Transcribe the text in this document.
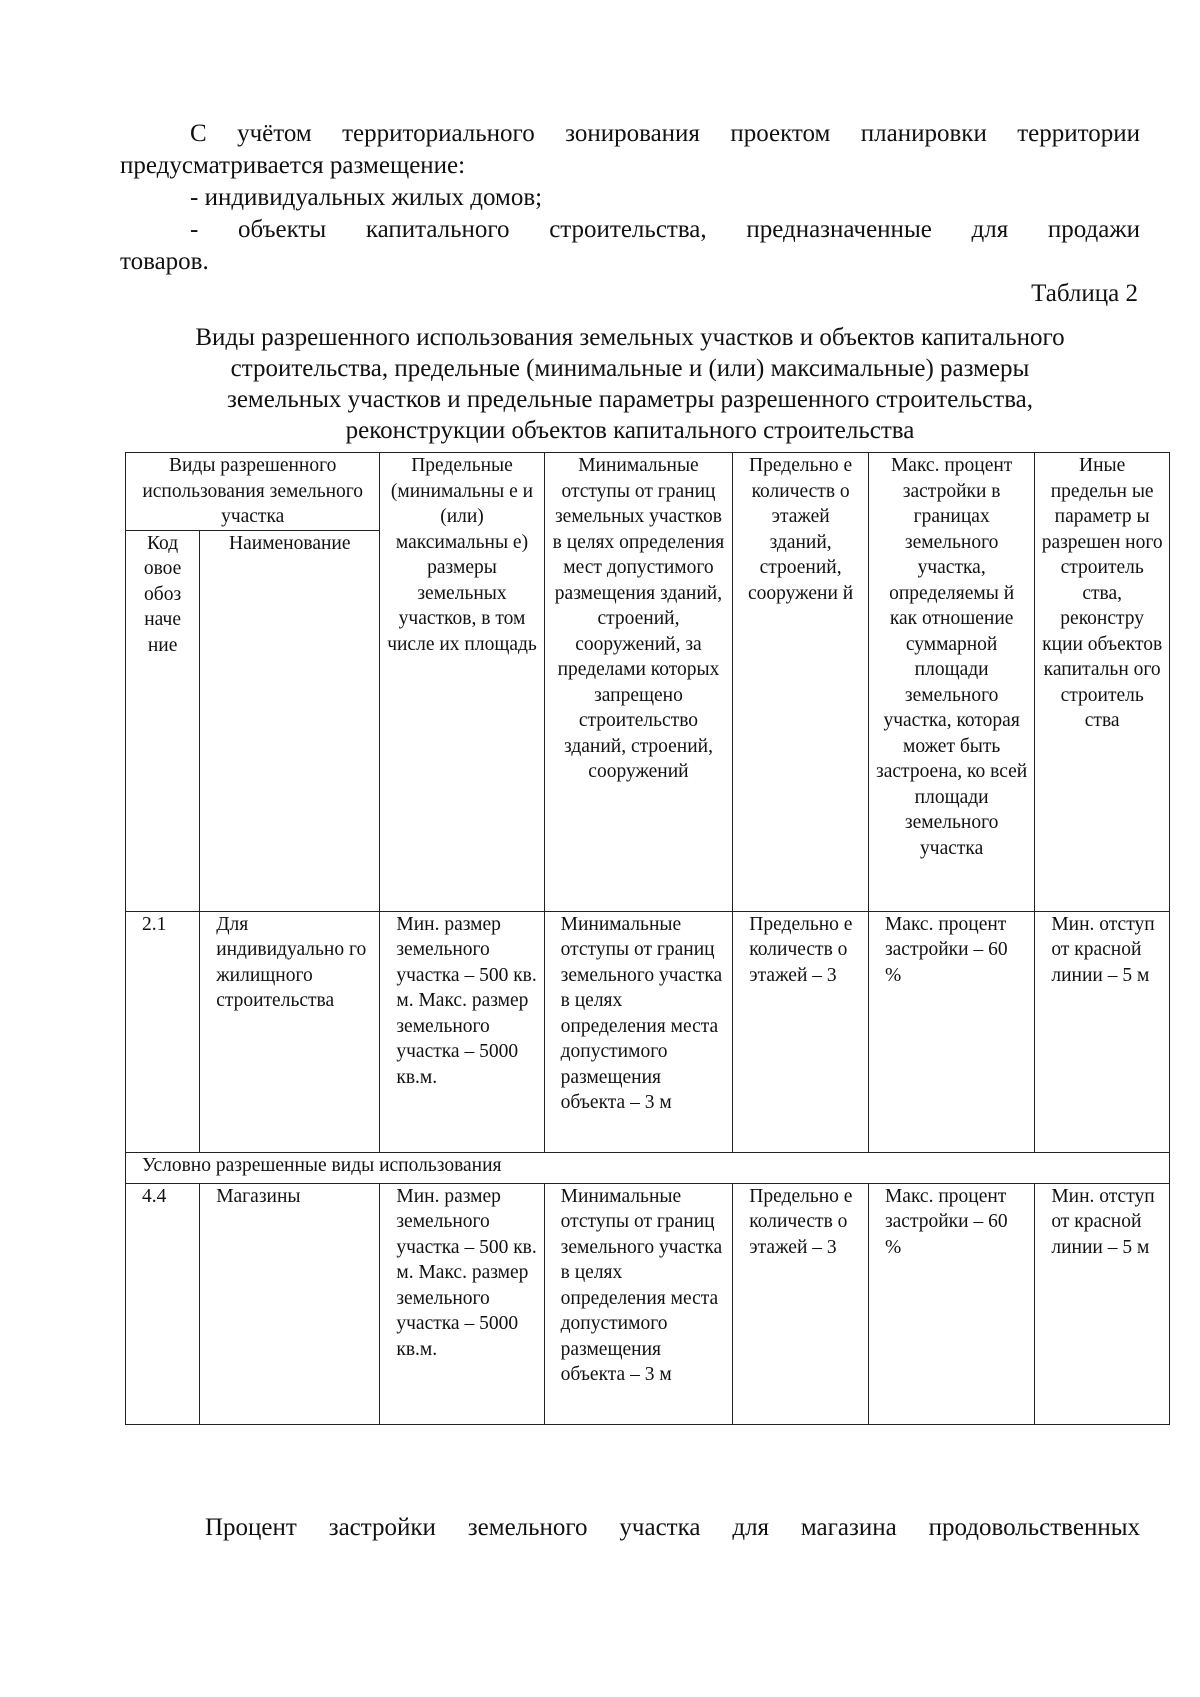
С учётом территориального зонирования проектом планировки территории
предусматривается размещение:
- индивидуальных жилых домов;
- объекты капитального строительства, предназначенные для продажи
товаров.
Таблица 2
Виды разрешенного использования земельных участков и объектов капитального
строительства, предельные (минимальные и (или) максимальные) размеры
земельных участков и предельные параметры разрешенного строительства,
реконструкции объектов капитального строительства
Виды разрешенного использования земельного участка		Предельные (минимальны е и (или) максимальны е) размеры земельных участков, в том числе их площадь	Минимальные отступы от границ земельных участков в целях определения мест допустимого размещения зданий, строений, сооружений, за пределами которых запрещено строительство зданий, строений, сооружений	Предельно е количеств о этажей зданий, строений, сооружени й	Макс. процент застройки в границах земельного участка, определяемы й как отношение суммарной площади земельного участка, которая может быть застроена, ко всей площади земельного участка	Иные предельн ые параметр ы разрешен ного строитель ства, реконстру кции объектов капитальн ого строитель ства
Код овое обоз наче ние	Наименование					
2.1	Для индивидуально го жилищного строительства	Мин. размер земельного участка – 500 кв. м. Макс. размер земельного участка – 5000 кв.м.	Минимальные отступы от границ земельного участка в целях определения места допустимого размещения объекта – 3 м	Предельно е количеств о этажей – 3	Макс. процент застройки – 60 %	Мин. отступ от красной линии – 5 м
Условно разрешенные виды использования						
4.4	Магазины	Мин. размер земельного участка – 500 кв. м. Макс. размер земельного участка – 5000 кв.м.	Минимальные отступы от границ земельного участка в целях определения места допустимого размещения объекта – 3 м	Предельно е количеств о этажей – 3	Макс. процент застройки – 60 %	Мин. отступ от красной линии – 5 м
Процент застройки земельного участка для магазина продовольственных
